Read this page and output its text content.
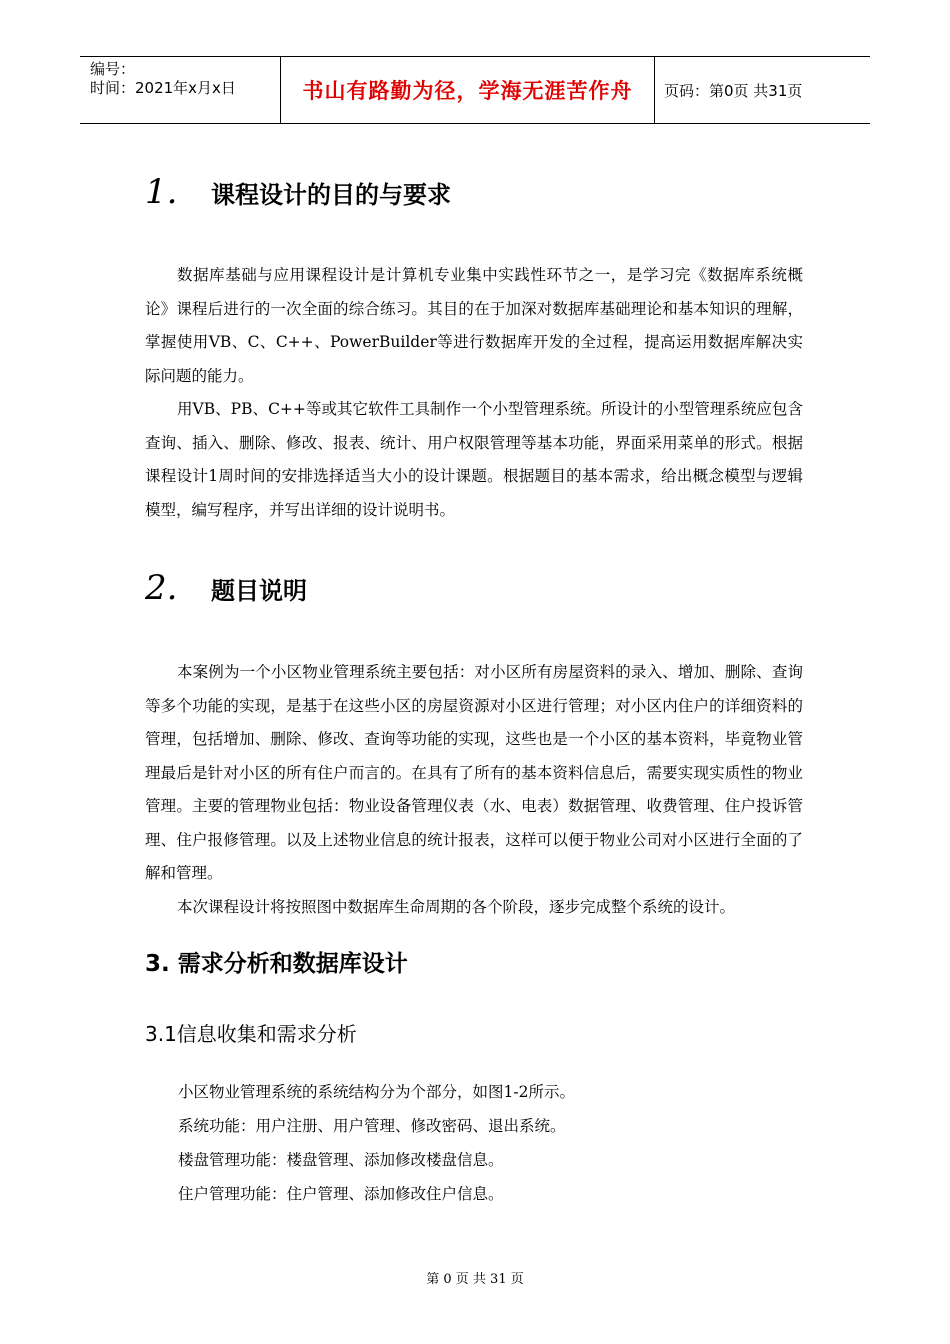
编号：
时间：2021年x月x日	书山有路勤为径，学海无涯苦作舟	页码：第0页 共31页
1.	课程设计的目的与要求

数据库基础与应用课程设计是计算机专业集中实践性环节之一，是学习完《数据库系统概论》课程后进行的一次全面的综合练习。其目的在于加深对数据库基础理论和基本知识的理解，掌握使用VB、C、C++、PowerBuilder等进行数据库开发的全过程，提高运用数据库解决实际问题的能力。

用VB、PB、C++等或其它软件工具制作一个小型管理系统。所设计的小型管理系统应包含查询、插入、删除、修改、报表、统计、用户权限管理等基本功能，界面采用菜单的形式。根据课程设计1周时间的安排选择适当大小的设计课题。根据题目的基本需求，给出概念模型与逻辑模型，编写程序，并写出详细的设计说明书。

2.	题目说明

本案例为一个小区物业管理系统主要包括：对小区所有房屋资料的录入、增加、删除、查询等多个功能的实现，是基于在这些小区的房屋资源对小区进行管理；对小区内住户的详细资料的管理，包括增加、删除、修改、查询等功能的实现，这些也是一个小区的基本资料，毕竟物业管理最后是针对小区的所有住户而言的。在具有了所有的基本资料信息后，需要实现实质性的物业管理。主要的管理物业包括：物业设备管理仪表（水、电表）数据管理、收费管理、住户投诉管理、住户报修管理。以及上述物业信息的统计报表，这样可以便于物业公司对小区进行全面的了解和管理。

本次课程设计将按照图中数据库生命周期的各个阶段，逐步完成整个系统的设计。

3. 需求分析和数据库设计
3.1信息收集和需求分析
小区物业管理系统的系统结构分为个部分，如图1-2所示。
系统功能：用户注册、用户管理、修改密码、退出系统。
楼盘管理功能：楼盘管理、添加修改楼盘信息。
住户管理功能：住户管理、添加修改住户信息。
第 0 页 共 31 页
